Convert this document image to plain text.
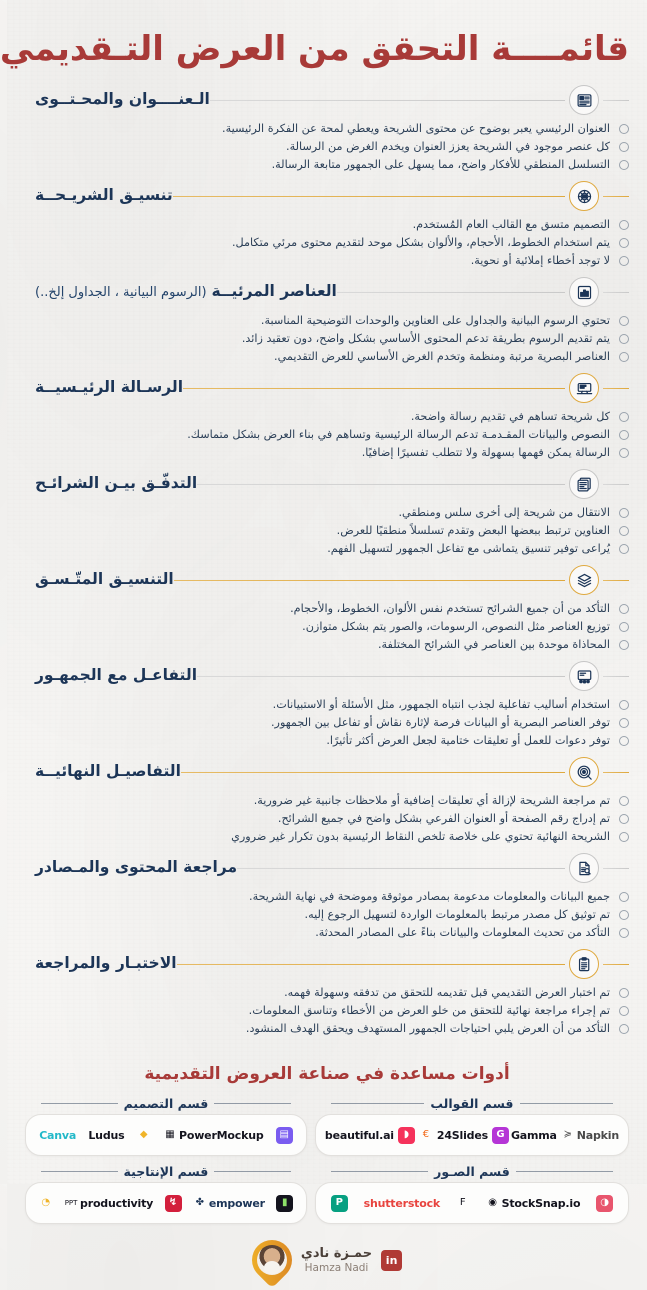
قائمــــة التحقق من العرض التـقديمي
الـعنــــوان والمحـتــوى
العنوان الرئيسي يعبر بوضوح عن محتوى الشريحة ويعطي لمحة عن الفكرة الرئيسية.
كل عنصر موجود في الشريحة يعزز العنوان ويخدم الغرض من الرسالة.
التسلسل المنطقي للأفكار واضح، مما يسهل على الجمهور متابعة الرسالة.
تنسيـق الشريـحــة
التصميم متسق مع القالب العام المُستخدم.
يتم استخدام الخطوط، الأحجام، والألوان بشكل موحد لتقديم محتوى مرئي متكامل.
لا توجد أخطاء إملائية أو نحوية.
العناصر المرئيــة(الرسوم البيانية ، الجداول إلخ..)
تحتوي الرسوم البيانية والجداول على العناوين والوحدات التوضيحية المناسبة.
يتم تقديم الرسوم بطريقة تدعم المحتوى الأساسي بشكل واضح، دون تعقيد زائد.
العناصر البصرية مرتبة ومنظمة وتخدم الغرض الأساسي للعرض التقديمي.
الرسـالة الرئيـسيــة
كل شريحة تساهم في تقديم رسالة واضحة.
النصوص والبيانات المقـدمـة تدعم الرسالة الرئيسية وتساهم في بناء العرض بشكل متماسك.
الرسالة يمكن فهمها بسهولة ولا تتطلب تفسيرًا إضافيًا.
التدفّـق بيـن الشرائـح
الانتقال من شريحة إلى أخرى سلس ومنطقي.
العناوين ترتبط ببعضها البعض وتقدم تسلسلاً منطقيًا للعرض.
يُراعى توفير تنسيق يتماشى مع تفاعل الجمهور لتسهيل الفهم.
التنسيـق المتّـسـق
التأكد من أن جميع الشرائح تستخدم نفس الألوان، الخطوط، والأحجام.
توزيع العناصر مثل النصوص، الرسومات، والصور يتم بشكل متوازن.
المحاذاة موحدة بين العناصر في الشرائح المختلفة.
التفاعـل مع الجمهـور
استخدام أساليب تفاعلية لجذب انتباه الجمهور، مثل الأسئلة أو الاستبيانات.
توفر العناصر البصرية أو البيانات فرصة لإثارة نقاش أو تفاعل بين الجمهور.
توفر دعوات للعمل أو تعليقات ختامية لجعل العرض أكثر تأثيرًا.
التفاصيـل النهائيــة
تم مراجعة الشريحة لإزالة أي تعليقات إضافية أو ملاحظات جانبية غير ضرورية.
تم إدراج رقم الصفحة أو العنوان الفرعي بشكل واضح في جميع الشرائح.
الشريحة النهائية تحتوي على خلاصة تلخص النقاط الرئيسية بدون تكرار غير ضروري
مراجعة المحتوى والمـصادر
جميع البيانات والمعلومات مدعومة بمصادر موثوقة وموضحة في نهاية الشريحة.
تم توثيق كل مصدر مرتبط بالمعلومات الواردة لتسهيل الرجوع إليه.
التأكد من تحديث المعلومات والبيانات بناءً على المصادر المحدثة.
الاختبـار والمراجعة
تم اختبار العرض التقديمي قبل تقديمه للتحقق من تدفقه وسهولة فهمه.
تم إجراء مراجعة نهائية للتحقق من خلو العرض من الأخطاء وتناسق المعلومات.
التأكد من أن العرض يلبي احتياجات الجمهور المستهدف ويحقق الهدف المنشود.
أدوات مساعدة في صناعة العروض التقديمية
قسم القوالب
beautiful.ai ◗	€ 24Slides G Gamma ≽ Napkin
قسم التصميم
Canva Ludus	◆	▦ PowerMockup	▤
قسم الصـور
P	shutterstock	F	◉ StockSnap.io	◑
قسم الإنتاجية
◔	PPT productivity	↯	✤ empower	▮
حمـزة نادي
Hamza Nadi
in
